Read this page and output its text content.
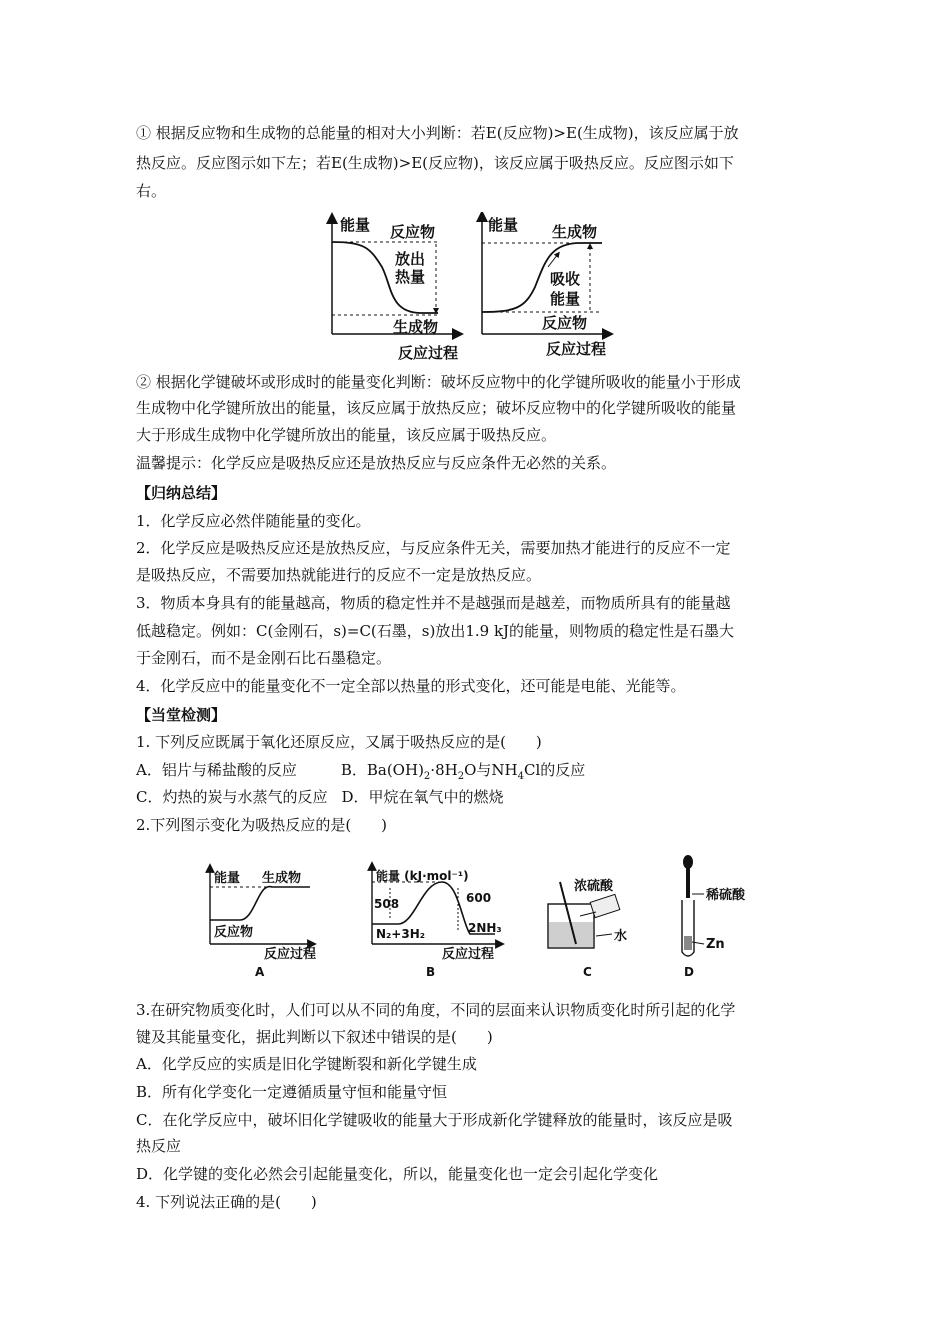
① 根据反应物和生成物的总能量的相对大小判断：若E(反应物)>E(生成物)，该反应属于放
热反应。反应图示如下左；若E(生成物)>E(反应物)，该反应属于吸热反应。反应图示如下
右。
能量 反应物
放出
热量
生成物
反应过程
能量 生成物
吸收
能量
反应物
反应过程
② 根据化学键破坏或形成时的能量变化判断：破坏反应物中的化学键所吸收的能量小于形成
生成物中化学键所放出的能量，该反应属于放热反应；破坏反应物中的化学键所吸收的能量
大于形成生成物中化学键所放出的能量，该反应属于吸热反应。
温馨提示：化学反应是吸热反应还是放热反应与反应条件无必然的关系。
【归纳总结】
1．化学反应必然伴随能量的变化。
2．化学反应是吸热反应还是放热反应，与反应条件无关，需要加热才能进行的反应不一定
是吸热反应，不需要加热就能进行的反应不一定是放热反应。
3．物质本身具有的能量越高，物质的稳定性并不是越强而是越差，而物质所具有的能量越
低越稳定。例如：C(金刚石，s)=C(石墨，s)放出1.9 kJ的能量，则物质的稳定性是石墨大
于金刚石，而不是金刚石比石墨稳定。
4．化学反应中的能量变化不一定全部以热量的形式变化，还可能是电能、光能等。
【当堂检测】
1. 下列反应既属于氧化还原反应，又属于吸热反应的是(　　)
A．铝片与稀盐酸的反应	B．$Ba(OH)_2\cdot 8H_2O$与$NH_4Cl$的反应
C．灼热的炭与水蒸气的反应 D．甲烷在氧气中的燃烧
2.下列图示变化为吸热反应的是(　　)
能量 生成物
反应物
反应过程
A
能量 (kJ·mol⁻¹)
508	600
N₂+3H₂	2NH₃
反应过程
B
浓硫酸
水
C
稀硫酸
Zn
D
3.在研究物质变化时，人们可以从不同的角度，不同的层面来认识物质变化时所引起的化学
键及其能量变化，据此判断以下叙述中错误的是(　　)
A．化学反应的实质是旧化学键断裂和新化学键生成
B．所有化学变化一定遵循质量守恒和能量守恒
C．在化学反应中，破坏旧化学键吸收的能量大于形成新化学键释放的能量时，该反应是吸
热反应
D．化学键的变化必然会引起能量变化，所以，能量变化也一定会引起化学变化
4. 下列说法正确的是(　　)
